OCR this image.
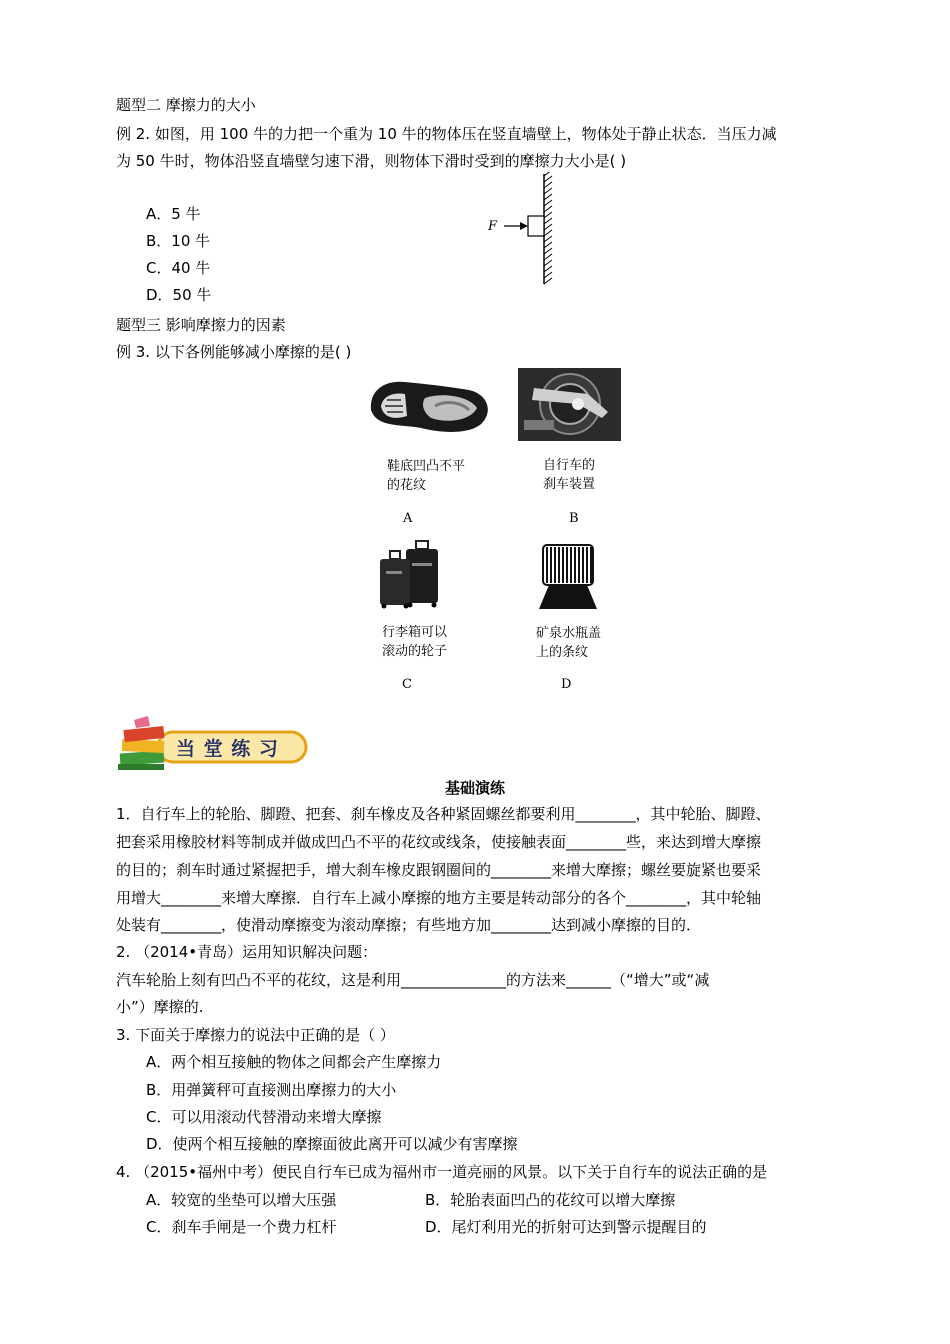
题型二 摩擦力的大小
例 2. 如图，用 100 牛的力把一个重为 10 牛的物体压在竖直墙壁上，物体处于静止状态．当压力减
为 50 牛时，物体沿竖直墙壁匀速下滑，则物体下滑时受到的摩擦力大小是( )
A．5 牛
B．10 牛
C．40 牛
D．50 牛
F
题型三 影响摩擦力的因素
例 3. 以下各例能够减小摩擦的是( )
鞋底凹凸不平
的花纹
A
自行车的
刹车装置
B
行李箱可以
滚动的轮子
C
矿泉水瓶盖
上的条纹
D
当 堂 练 习
基础演练
1．自行车上的轮胎、脚蹬、把套、刹车橡皮及各种紧固螺丝都要利用________，其中轮胎、脚蹬、
把套采用橡胶材料等制成并做成凹凸不平的花纹或线条，使接触表面________些，来达到增大摩擦
的目的；刹车时通过紧握把手，增大刹车橡皮跟钢圈间的________来增大摩擦；螺丝要旋紧也要采
用增大________来增大摩擦．自行车上减小摩擦的地方主要是转动部分的各个________，其中轮轴
处装有________，使滑动摩擦变为滚动摩擦；有些地方加________达到减小摩擦的目的．
2. （2014•青岛）运用知识解决问题：
汽车轮胎上刻有凹凸不平的花纹，这是利用______________的方法来______（“增大”或“减
小”）摩擦的.
3. 下面关于摩擦力的说法中正确的是（ ）
A．两个相互接触的物体之间都会产生摩擦力
B．用弹簧秤可直接测出摩擦力的大小
C．可以用滚动代替滑动来增大摩擦
D．使两个相互接触的摩擦面彼此离开可以减少有害摩擦
4. （2015•福州中考）便民自行车已成为福州市一道亮丽的风景。以下关于自行车的说法正确的是
A．较宽的坐垫可以增大压强	B．轮胎表面凹凸的花纹可以增大摩擦
C．刹车手闸是一个费力杠杆	D．尾灯利用光的折射可达到警示提醒目的
